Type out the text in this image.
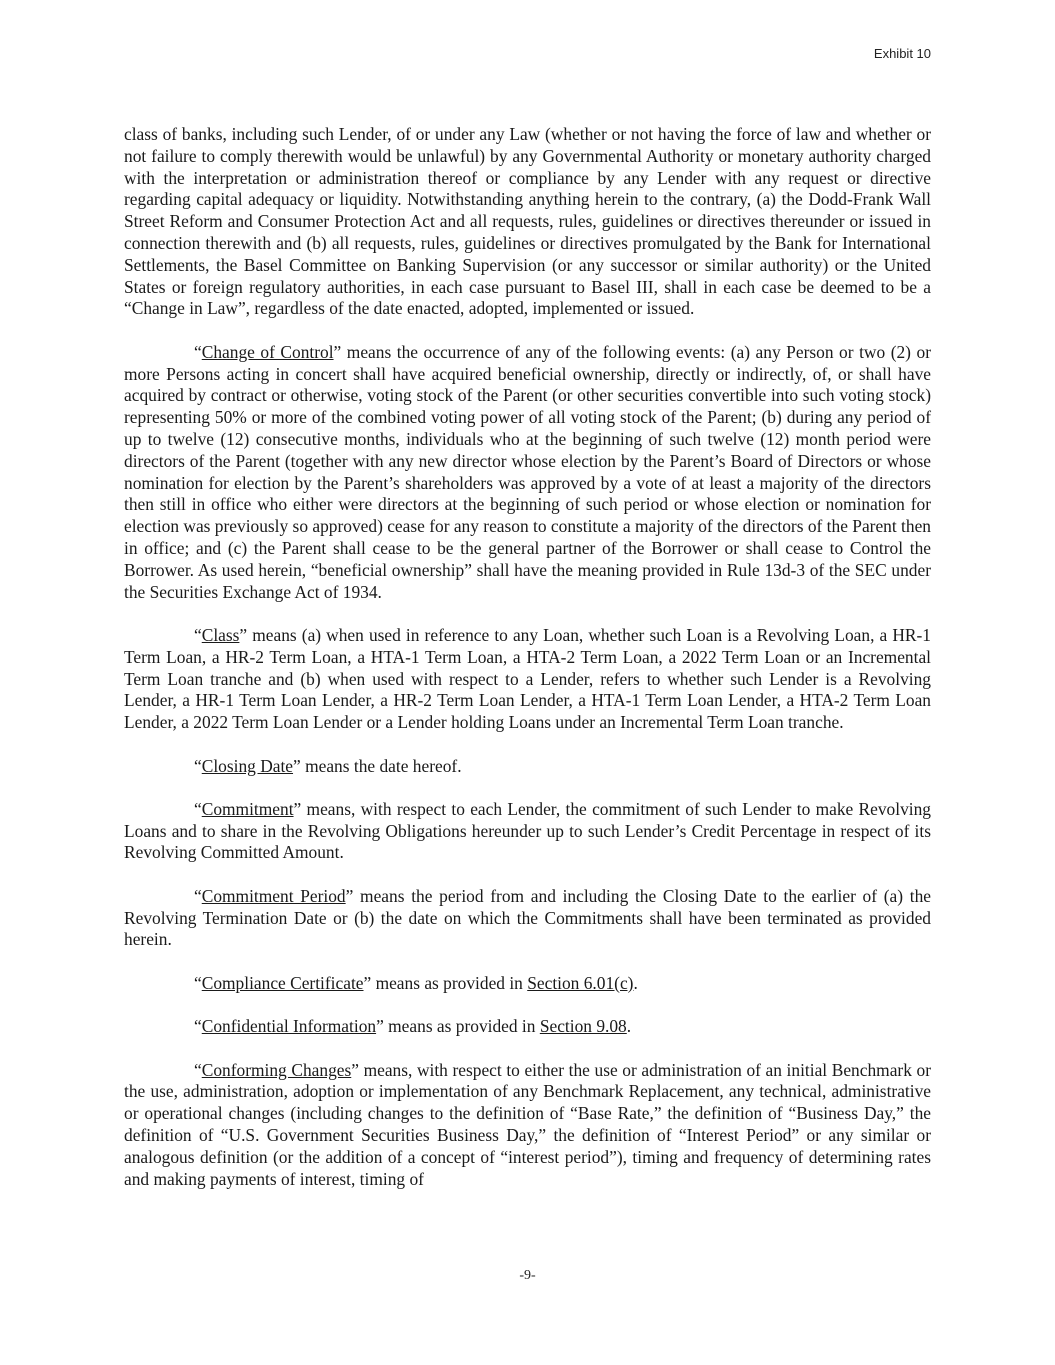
Exhibit 10

class of banks, including such Lender, of or under any Law (whether or not having the force of law and whether or not failure to comply therewith would be unlawful) by any Governmental Authority or monetary authority charged with the interpretation or administration thereof or compliance by any Lender with any request or directive regarding capital adequacy or liquidity. Notwithstanding anything herein to the contrary, (a) the Dodd-Frank Wall Street Reform and Consumer Protection Act and all requests, rules, guidelines or directives thereunder or issued in connection therewith and (b) all requests, rules, guidelines or directives promulgated by the Bank for International Settlements, the Basel Committee on Banking Supervision (or any successor or similar authority) or the United States or foreign regulatory authorities, in each case pursuant to Basel III, shall in each case be deemed to be a “Change in Law”, regardless of the date enacted, adopted, implemented or issued.

“Change of Control” means the occurrence of any of the following events: (a) any Person or two (2) or more Persons acting in concert shall have acquired beneficial ownership, directly or indirectly, of, or shall have acquired by contract or otherwise, voting stock of the Parent (or other securities convertible into such voting stock) representing 50% or more of the combined voting power of all voting stock of the Parent; (b) during any period of up to twelve (12) consecutive months, individuals who at the beginning of such twelve (12) month period were directors of the Parent (together with any new director whose election by the Parent’s Board of Directors or whose nomination for election by the Parent’s shareholders was approved by a vote of at least a majority of the directors then still in office who either were directors at the beginning of such period or whose election or nomination for election was previously so approved) cease for any reason to constitute a majority of the directors of the Parent then in office; and (c) the Parent shall cease to be the general partner of the Borrower or shall cease to Control the Borrower. As used herein, “beneficial ownership” shall have the meaning provided in Rule 13d-3 of the SEC under the Securities Exchange Act of 1934.

“Class” means (a) when used in reference to any Loan, whether such Loan is a Revolving Loan, a HR-1 Term Loan, a HR-2 Term Loan, a HTA-1 Term Loan, a HTA-2 Term Loan, a 2022 Term Loan or an Incremental Term Loan tranche and (b) when used with respect to a Lender, refers to whether such Lender is a Revolving Lender, a HR-1 Term Loan Lender, a HR-2 Term Loan Lender, a HTA-1 Term Loan Lender, a HTA-2 Term Loan Lender, a 2022 Term Loan Lender or a Lender holding Loans under an Incremental Term Loan tranche.

“Closing Date” means the date hereof.

“Commitment” means, with respect to each Lender, the commitment of such Lender to make Revolving Loans and to share in the Revolving Obligations hereunder up to such Lender’s Credit Percentage in respect of its Revolving Committed Amount.

“Commitment Period” means the period from and including the Closing Date to the earlier of (a) the Revolving Termination Date or (b) the date on which the Commitments shall have been terminated as provided herein.

“Compliance Certificate” means as provided in Section 6.01(c).

“Confidential Information” means as provided in Section 9.08.

“Conforming Changes” means, with respect to either the use or administration of an initial Benchmark or the use, administration, adoption or implementation of any Benchmark Replacement, any technical, administrative or operational changes (including changes to the definition of “Base Rate,” the definition of “Business Day,” the definition of “U.S. Government Securities Business Day,” the definition of “Interest Period” or any similar or analogous definition (or the addition of a concept of “interest period”), timing and frequency of determining rates and making payments of interest, timing of

-9-
